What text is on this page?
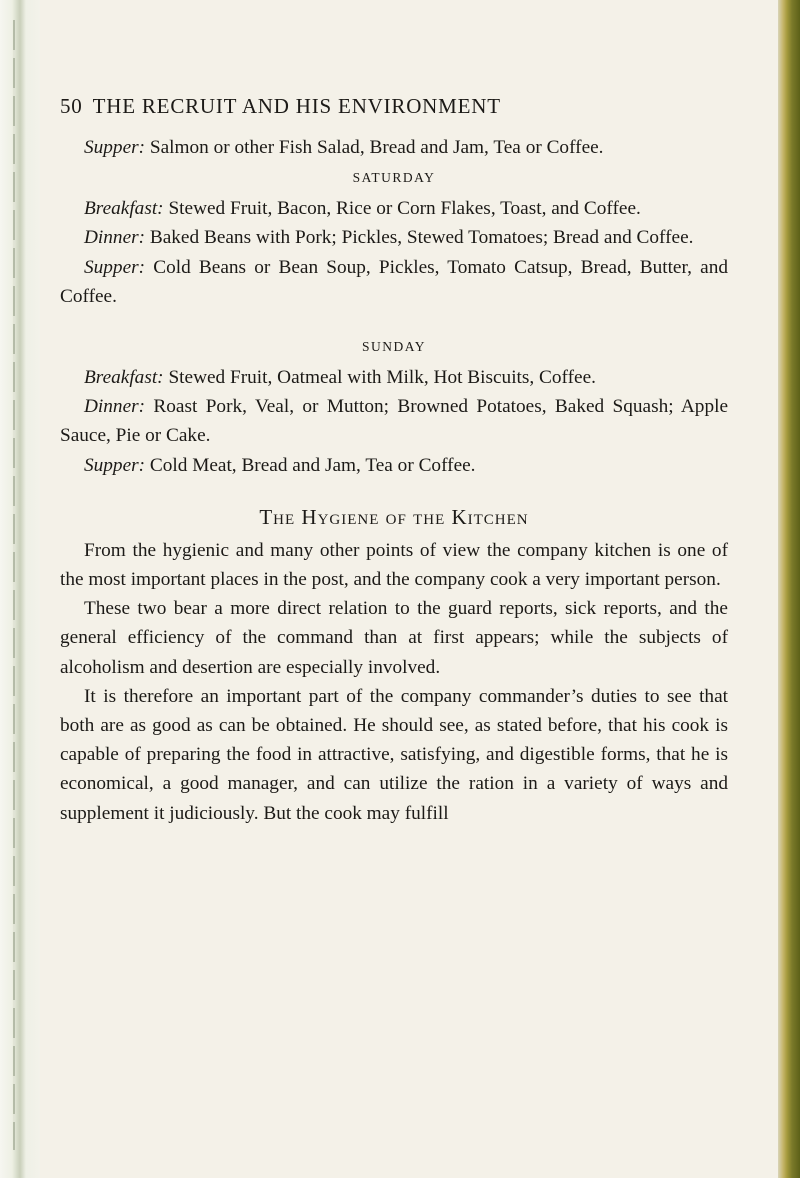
50 THE RECRUIT AND HIS ENVIRONMENT

Supper: Salmon or other Fish Salad, Bread and Jam, Tea or Coffee.

SATURDAY

Breakfast: Stewed Fruit, Bacon, Rice or Corn Flakes, Toast, and Coffee.

Dinner: Baked Beans with Pork; Pickles, Stewed Tomatoes; Bread and Coffee.

Supper: Cold Beans or Bean Soup, Pickles, Tomato Catsup, Bread, Butter, and Coffee.

SUNDAY

Breakfast: Stewed Fruit, Oatmeal with Milk, Hot Biscuits, Coffee.

Dinner: Roast Pork, Veal, or Mutton; Browned Potatoes, Baked Squash; Apple Sauce, Pie or Cake.

Supper: Cold Meat, Bread and Jam, Tea or Coffee.

The Hygiene of the Kitchen

From the hygienic and many other points of view the company kitchen is one of the most important places in the post, and the company cook a very important person.

These two bear a more direct relation to the guard reports, sick reports, and the general efficiency of the command than at first appears; while the subjects of alcoholism and desertion are especially involved.

It is therefore an important part of the company commander’s duties to see that both are as good as can be obtained. He should see, as stated before, that his cook is capable of preparing the food in attractive, satisfying, and digestible forms, that he is economical, a good manager, and can utilize the ration in a variety of ways and supplement it judiciously. But the cook may fulfill
